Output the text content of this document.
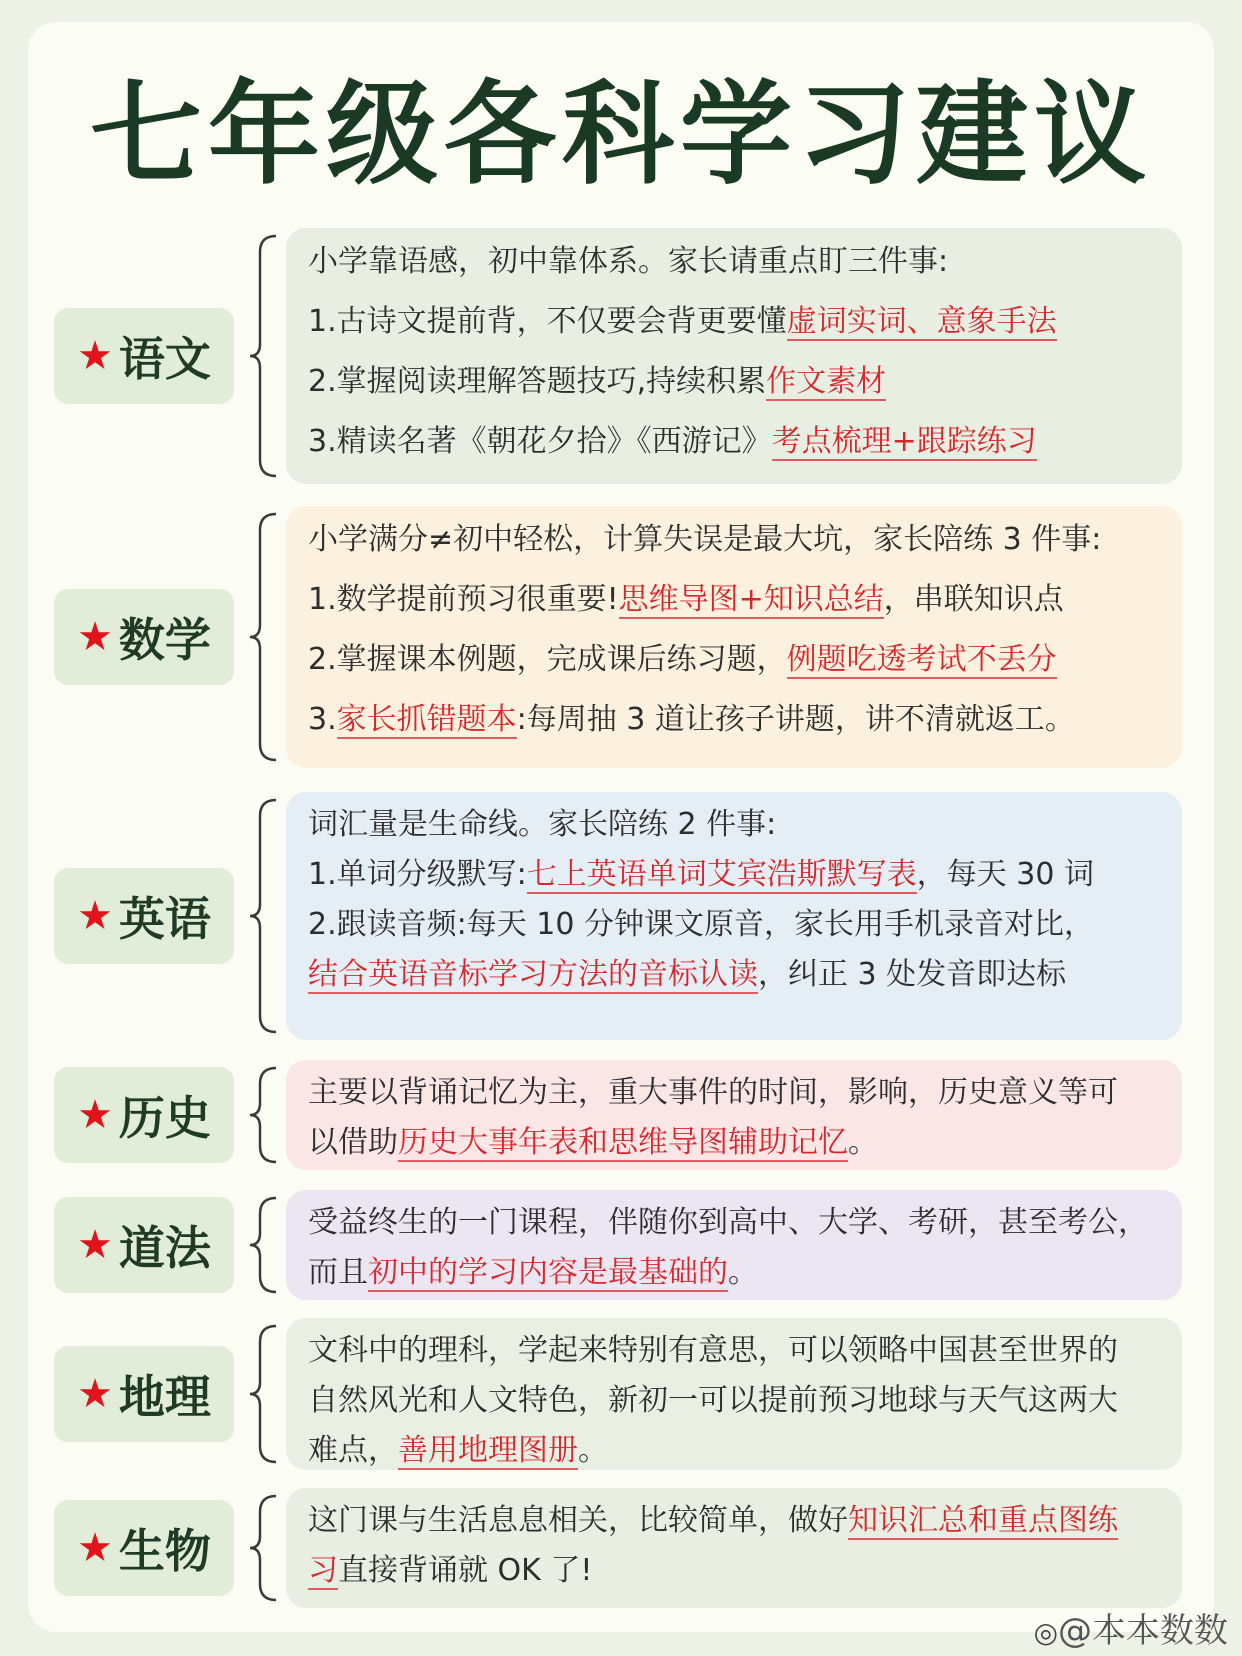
七年级各科学习建议
★ 语文
小学靠语感，初中靠体系。家长请重点盯三件事:
1.古诗文提前背，不仅要会背更要懂虚词实词、意象手法
2.掌握阅读理解答题技巧,持续积累作文素材
3.精读名著《朝花夕拾》《西游记》考点梳理+跟踪练习
★ 数学
小学满分≠初中轻松，计算失误是最大坑，家长陪练 3 件事:
1.数学提前预习很重要!思维导图+知识总结，串联知识点
2.掌握课本例题，完成课后练习题，例题吃透考试不丢分
3.家长抓错题本:每周抽 3 道让孩子讲题，讲不清就返工。
★ 英语
词汇量是生命线。家长陪练 2 件事:
1.单词分级默写:七上英语单词艾宾浩斯默写表，每天 30 词
2.跟读音频:每天 10 分钟课文原音，家长用手机录音对比，
结合英语音标学习方法的音标认读，纠正 3 处发音即达标
★ 历史	主要以背诵记忆为主，重大事件的时间，影响，历史意义等可
以借助历史大事年表和思维导图辅助记忆。
★ 道法	受益终生的一门课程，伴随你到高中、大学、考研，甚至考公，
而且初中的学习内容是最基础的。
★ 地理
文科中的理科，学起来特别有意思，可以领略中国甚至世界的
自然风光和人文特色，新初一可以提前预习地球与天气这两大
难点，善用地理图册。
★ 生物
这门课与生活息息相关，比较简单，做好知识汇总和重点图练
习直接背诵就 OK 了!
◎@本本数数
